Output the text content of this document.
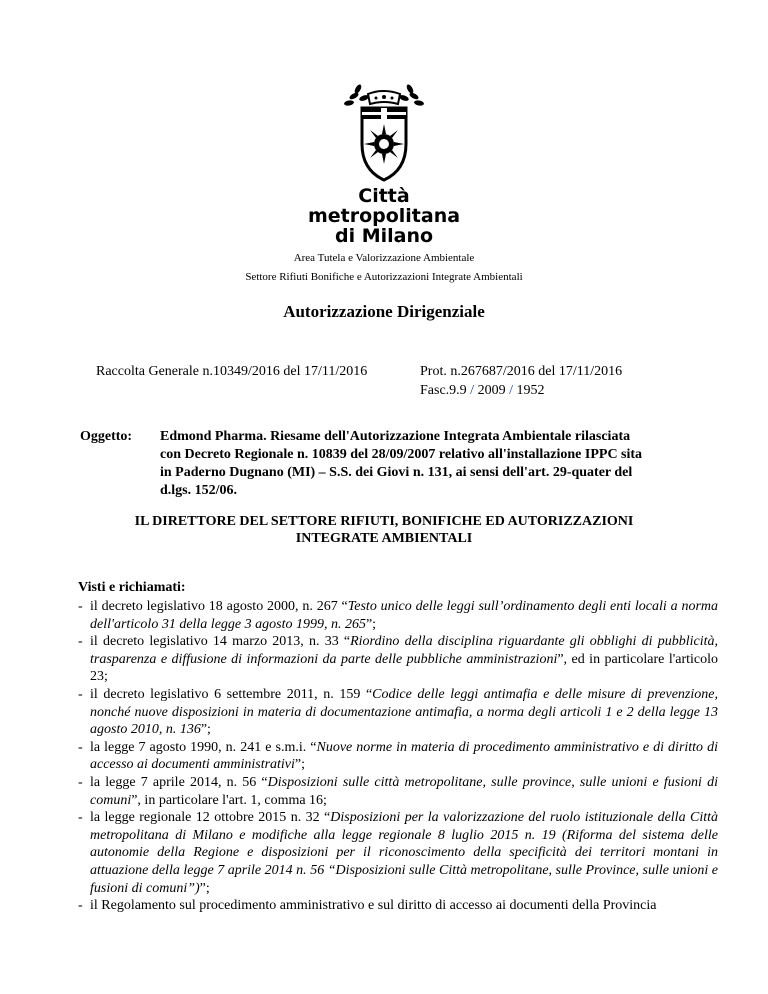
Città
metropolitana
di Milano
Area Tutela e Valorizzazione Ambientale
Settore Rifiuti Bonifiche e Autorizzazioni Integrate Ambientali
Autorizzazione Dirigenziale
Raccolta Generale n.10349/2016 del 17/11/2016	Prot. n.267687/2016 del 17/11/2016
Fasc.9.9 / 2009 / 1952
Oggetto: Edmond Pharma. Riesame dell'Autorizzazione Integrata Ambientale rilasciata con Decreto Regionale n. 10839 del 28/09/2007 relativo all'installazione IPPC sita in Paderno Dugnano (MI) – S.S. dei Giovi n. 131, ai sensi dell'art. 29-quater del d.lgs. 152/06.
IL DIRETTORE DEL SETTORE RIFIUTI, BONIFICHE ED AUTORIZZAZIONI INTEGRATE AMBIENTALI
Visti e richiamati:
- il decreto legislativo 18 agosto 2000, n. 267 “Testo unico delle leggi sull’ordinamento degli enti locali a norma dell'articolo 31 della legge 3 agosto 1999, n. 265”;
- il decreto legislativo 14 marzo 2013, n. 33 “Riordino della disciplina riguardante gli obblighi di pubblicità, trasparenza e diffusione di informazioni da parte delle pubbliche amministrazioni”, ed in particolare l'articolo 23;
- il decreto legislativo 6 settembre 2011, n. 159 “Codice delle leggi antimafia e delle misure di prevenzione, nonché nuove disposizioni in materia di documentazione antimafia, a norma degli articoli 1 e 2 della legge 13 agosto 2010, n. 136”;
- la legge 7 agosto 1990, n. 241 e s.m.i. “Nuove norme in materia di procedimento amministrativo e di diritto di accesso ai documenti amministrativi”;
- la legge 7 aprile 2014, n. 56 “Disposizioni sulle città metropolitane, sulle province, sulle unioni e fusioni di comuni”, in particolare l'art. 1, comma 16;
- la legge regionale 12 ottobre 2015 n. 32 “Disposizioni per la valorizzazione del ruolo istituzionale della Città metropolitana di Milano e modifiche alla legge regionale 8 luglio 2015 n. 19 (Riforma del sistema delle autonomie della Regione e disposizioni per il riconoscimento della specificità dei territori montani in attuazione della legge 7 aprile 2014 n. 56 “Disposizioni sulle Città metropolitane, sulle Province, sulle unioni e fusioni di comuni”)”;
- il Regolamento sul procedimento amministrativo e sul diritto di accesso ai documenti della Provincia
